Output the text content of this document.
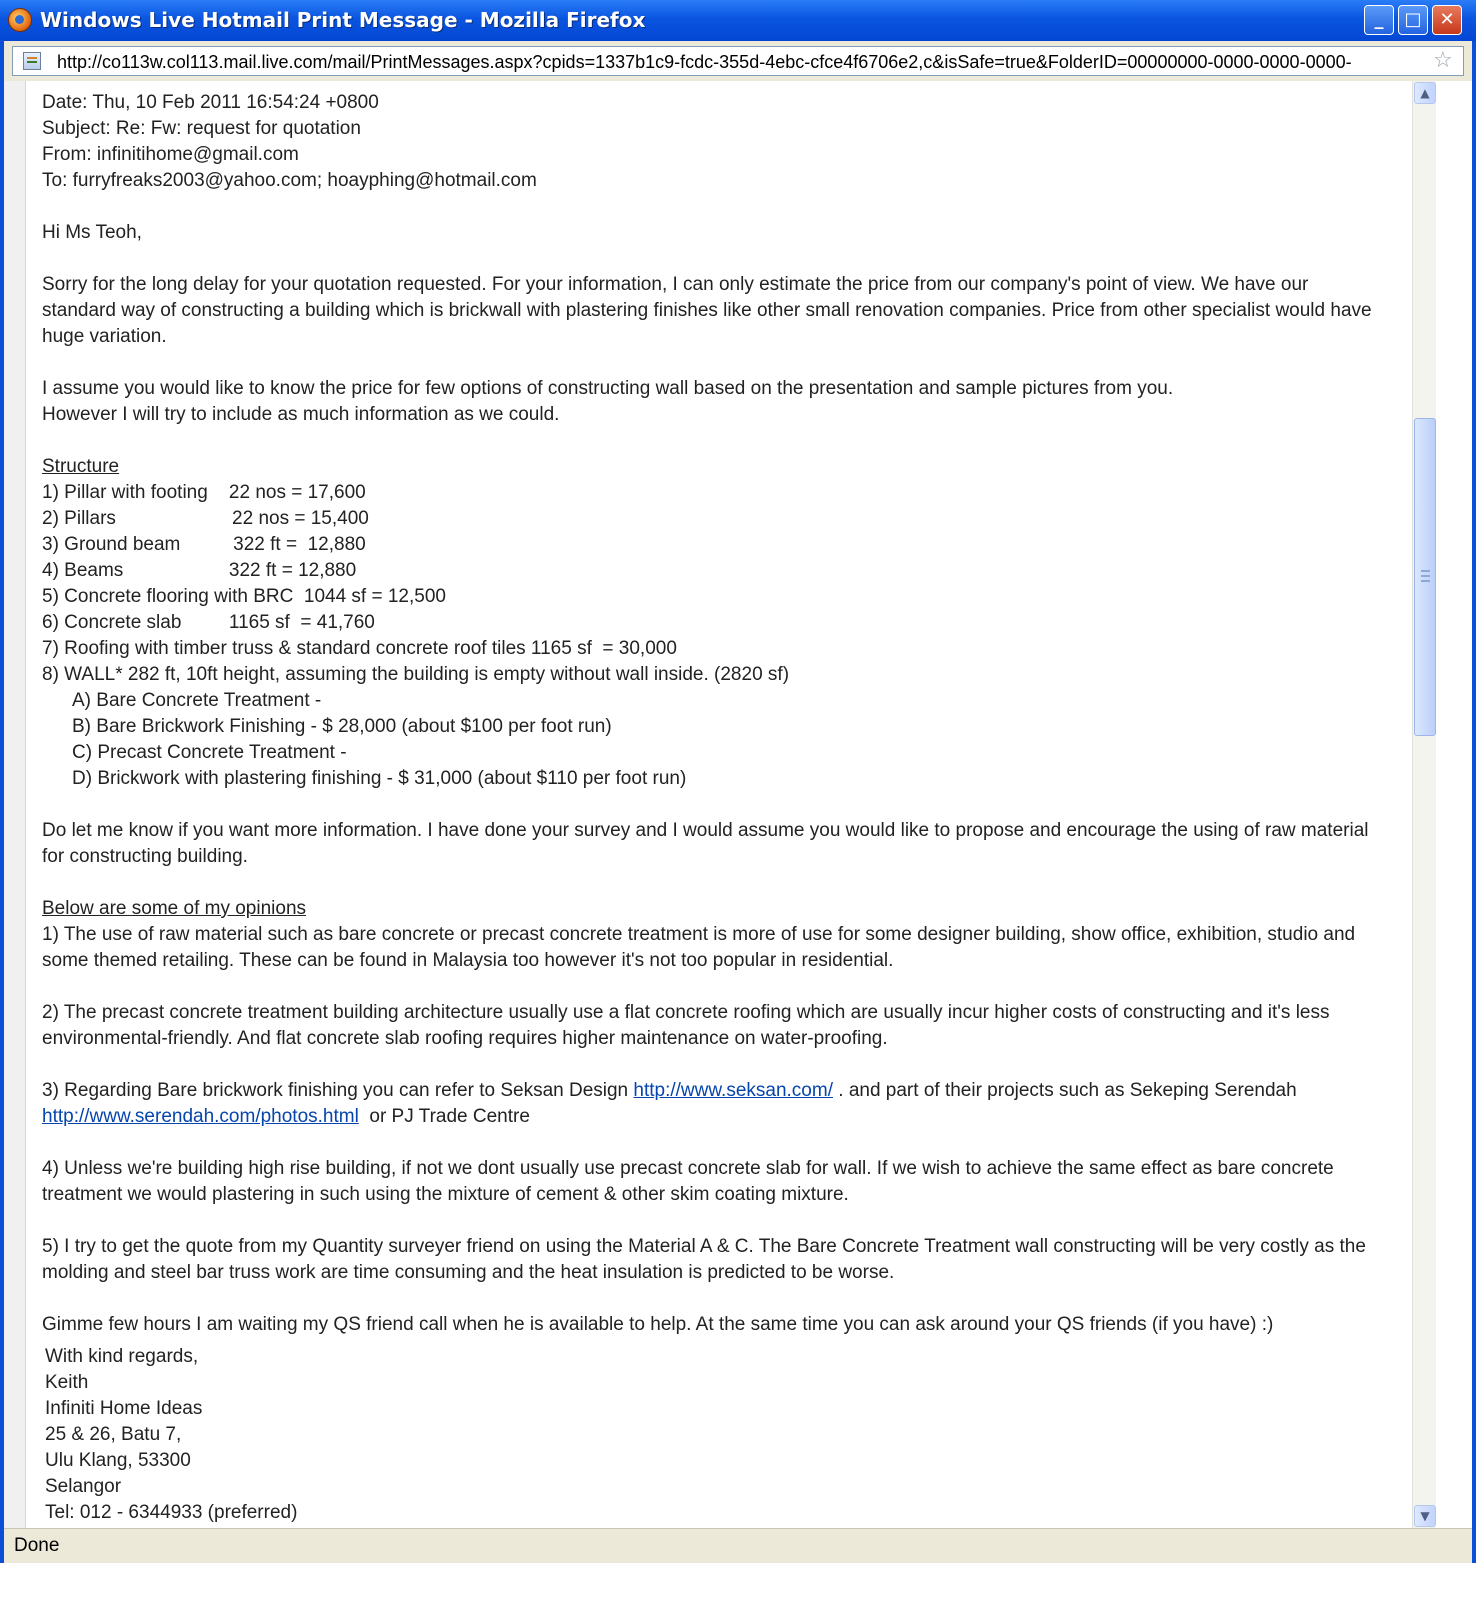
Windows Live Hotmail Print Message - Mozilla Firefox	_	□ ✕
http://co113w.col113.mail.live.com/mail/PrintMessages.aspx?cpids=1337b1c9-fcdc-355d-4ebc-cfce4f6706e2,c&isSafe=true&FolderID=00000000-0000-0000-0000-	☆

Date: Thu, 10 Feb 2011 16:54:24 +0800

Subject: Re: Fw: request for quotation

From: infinitihome@gmail.com

To: furryfreaks2003@yahoo.com; hoayphing@hotmail.com

Hi Ms Teoh,

Sorry for the long delay for your quotation requested. For your information, I can only estimate the price from our company's point of view. We have our standard way of constructing a building which is brickwall with plastering finishes like other small renovation companies. Price from other specialist would have huge variation.

I assume you would like to know the price for few options of constructing wall based on the presentation and sample pictures from you.

However I will try to include as much information as we could.

Structure

1) Pillar with footing    22 nos = 17,600

2) Pillars                      22 nos = 15,400

3) Ground beam          322 ft =  12,880

4) Beams                    322 ft = 12,880

5) Concrete flooring with BRC  1044 sf = 12,500

6) Concrete slab         1165 sf  = 41,760

7) Roofing with timber truss & standard concrete roof tiles 1165 sf  = 30,000

8) WALL* 282 ft, 10ft height, assuming the building is empty without wall inside. (2820 sf)

A) Bare Concrete Treatment -

B) Bare Brickwork Finishing - $ 28,000 (about $100 per foot run)

C) Precast Concrete Treatment -

D) Brickwork with plastering finishing - $ 31,000 (about $110 per foot run)

Do let me know if you want more information. I have done your survey and I would assume you would like to propose and encourage the using of raw material for constructing building.

Below are some of my opinions

1) The use of raw material such as bare concrete or precast concrete treatment is more of use for some designer building, show office, exhibition, studio and some themed retailing. These can be found in Malaysia too however it's not too popular in residential.

2) The precast concrete treatment building architecture usually use a flat concrete roofing which are usually incur higher costs of constructing and it's less environmental-friendly. And flat concrete slab roofing requires higher maintenance on water-proofing.

3) Regarding Bare brickwork finishing you can refer to Seksan Design http://www.seksan.com/ . and part of their projects such as Sekeping Serendah
http://www.serendah.com/photos.html  or PJ Trade Centre

4) Unless we're building high rise building, if not we dont usually use precast concrete slab for wall. If we wish to achieve the same effect as bare concrete treatment we would plastering in such using the mixture of cement & other skim coating mixture.

5) I try to get the quote from my Quantity surveyer friend on using the Material A & C. The Bare Concrete Treatment wall constructing will be very costly as the molding and steel bar truss work are time consuming and the heat insulation is predicted to be worse.

Gimme few hours I am waiting my QS friend call when he is available to help. At the same time you can ask around your QS friends (if you have) :)

With kind regards,

Keith

Infiniti Home Ideas

25 & 26, Batu 7,

Ulu Klang, 53300

Selangor

Tel: 012 - 6344933 (preferred)

▲
▼
Done
